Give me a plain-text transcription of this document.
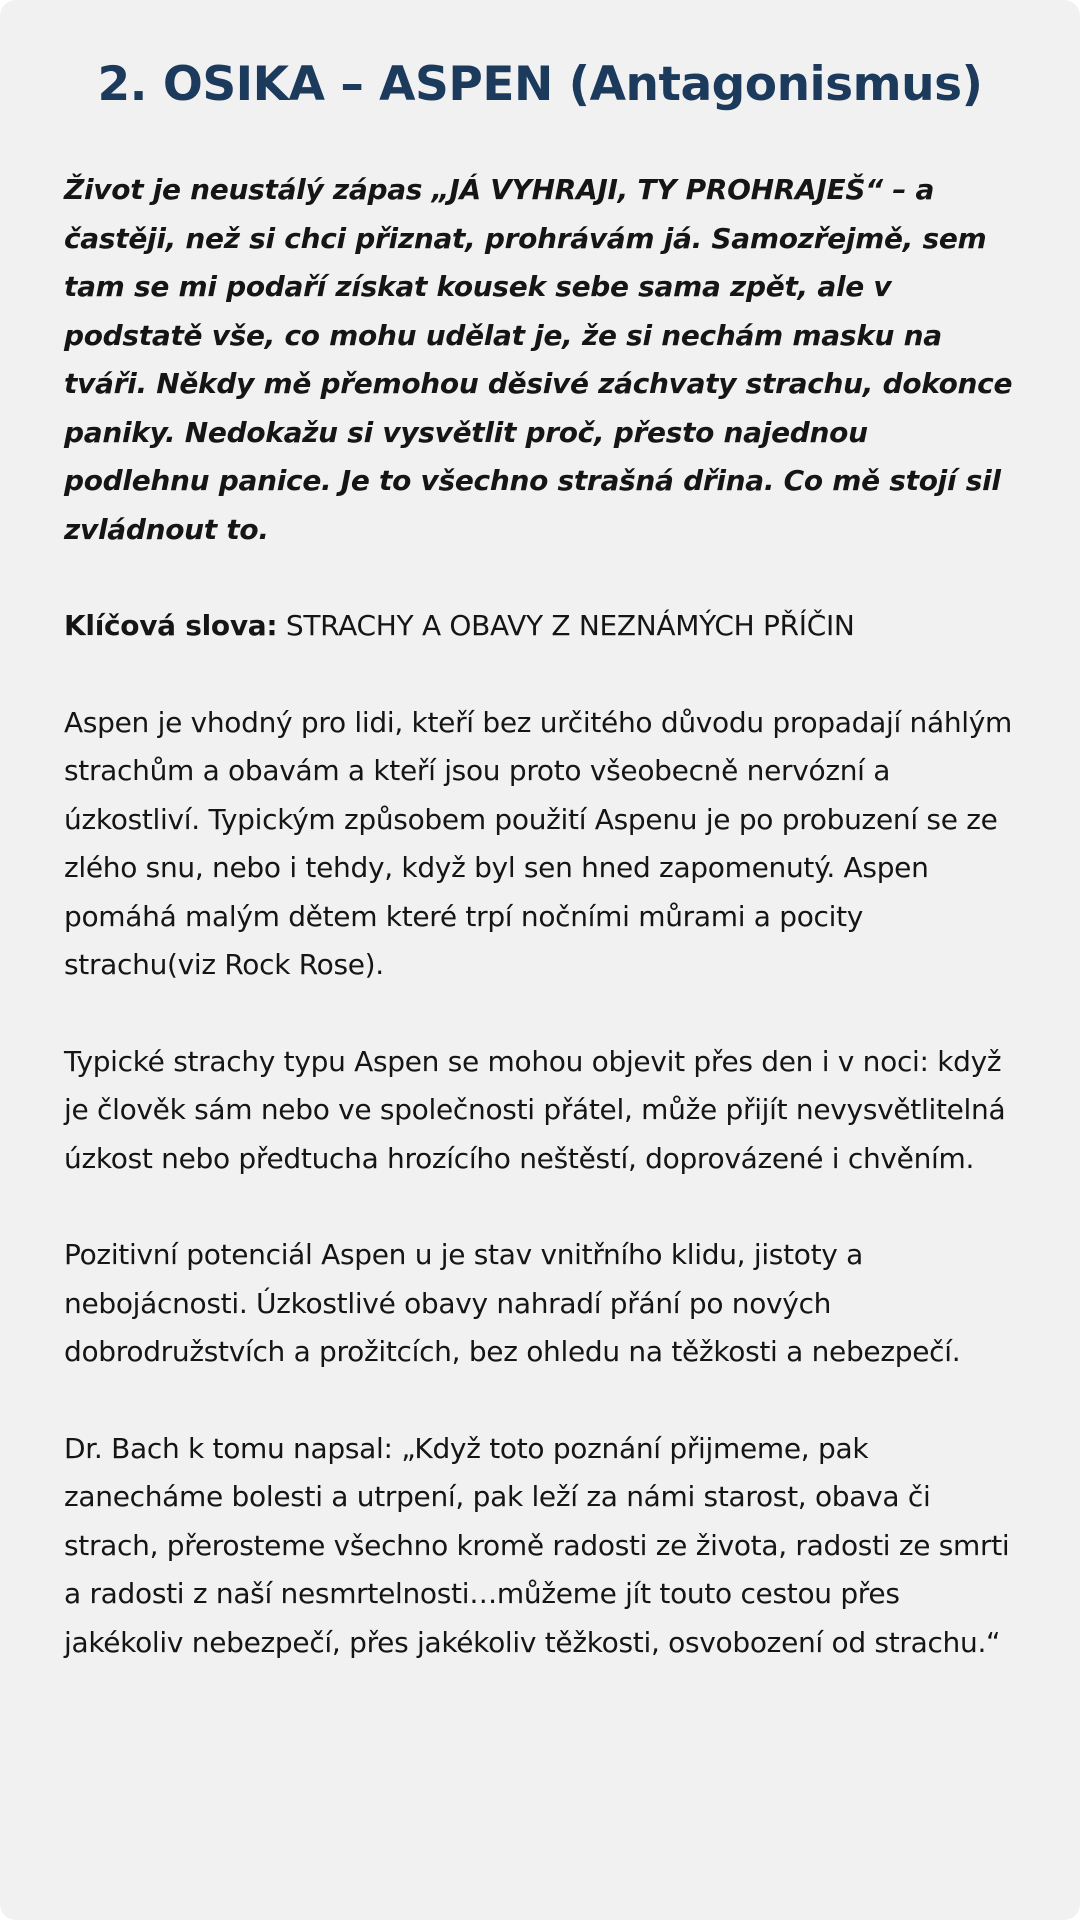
2. OSIKA – ASPEN (Antagonismus)

Život je neustálý zápas „JÁ VYHRAJI, TY PROHRAJEŠ“ – a častěji, než si chci přiznat, prohrávám já. Samozřejmě, sem tam se mi podaří získat kousek sebe sama zpět, ale v podstatě vše, co mohu udělat je, že si nechám masku na tváři. Někdy mě přemohou děsivé záchvaty strachu, dokonce paniky. Nedokažu si vysvětlit proč, přesto najednou podlehnu panice. Je to všechno strašná dřina. Co mě stojí sil zvládnout to.

Klíčová slova: STRACHY A OBAVY Z NEZNÁMÝCH PŘÍČIN

Aspen je vhodný pro lidi, kteří bez určitého důvodu propadají náhlým strachům a obavám a kteří jsou proto všeobecně nervózní a úzkostliví. Typickým způsobem použití Aspenu je po probuzení se ze zlého snu, nebo i tehdy, když byl sen hned zapomenutý. Aspen pomáhá malým dětem které trpí nočními můrami a pocity strachu(viz Rock Rose).

Typické strachy typu Aspen se mohou objevit přes den i v noci: když je člověk sám nebo ve společnosti přátel, může přijít nevysvětlitelná úzkost nebo předtucha hrozícího neštěstí, doprovázené i chvěním.

Pozitivní potenciál Aspen u je stav vnitřního klidu, jistoty a nebojácnosti. Úzkostlivé obavy nahradí přání po nových dobrodružstvích a prožitcích, bez ohledu na těžkosti a nebezpečí.

Dr. Bach k tomu napsal: „Když toto poznání přijmeme, pak zanecháme bolesti a utrpení, pak leží za námi starost, obava či strach, přerosteme všechno kromě radosti ze života, radosti ze smrti a radosti z naší nesmrtelnosti…můžeme jít touto cestou přes jakékoliv nebezpečí, přes jakékoliv těžkosti, osvobození od strachu.“
